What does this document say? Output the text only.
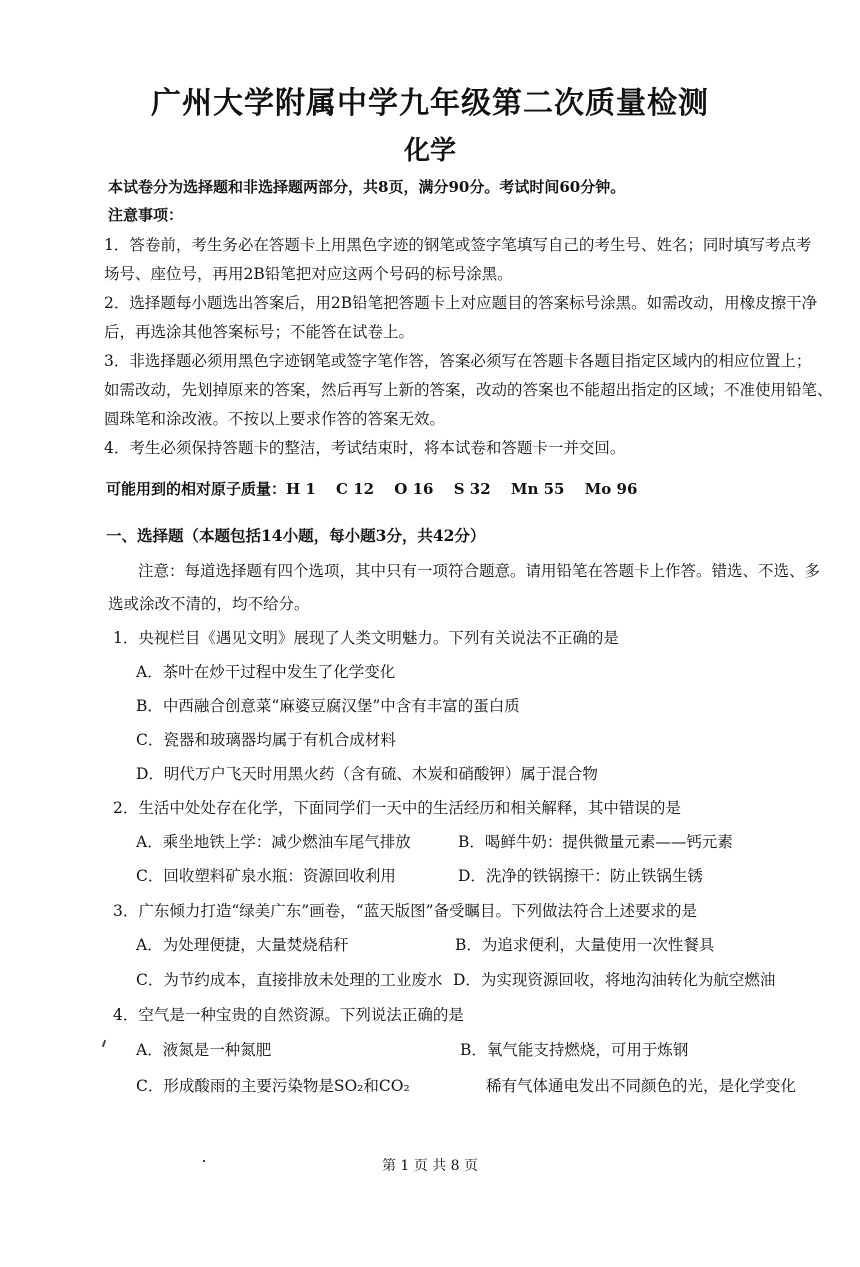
广州大学附属中学九年级第二次质量检测
化学
本试卷分为选择题和非选择题两部分，共8页，满分90分。考试时间60分钟。
注意事项：
1．答卷前，考生务必在答题卡上用黑色字迹的钢笔或签字笔填写自己的考生号、姓名；同时填写考点考
场号、座位号，再用2B铅笔把对应这两个号码的标号涂黑。
2．选择题每小题选出答案后，用2B铅笔把答题卡上对应题目的答案标号涂黑。如需改动，用橡皮擦干净
后，再选涂其他答案标号；不能答在试卷上。
3．非选择题必须用黑色字迹钢笔或签字笔作答，答案必须写在答题卡各题目指定区域内的相应位置上；
如需改动，先划掉原来的答案，然后再写上新的答案，改动的答案也不能超出指定的区域；不准使用铅笔、
圆珠笔和涂改液。不按以上要求作答的答案无效。
4．考生必须保持答题卡的整洁，考试结束时，将本试卷和答题卡一并交回。
可能用到的相对原子质量：H 1　 C 12　 O 16　 S 32　 Mn 55　 Mo 96
一、选择题（本题包括14小题，每小题3分，共42分）
注意：每道选择题有四个选项，其中只有一项符合题意。请用铅笔在答题卡上作答。错选、不选、多
选或涂改不清的，均不给分。
1．央视栏目《遇见文明》展现了人类文明魅力。下列有关说法不正确的是
A．茶叶在炒干过程中发生了化学变化
B．中西融合创意菜“麻婆豆腐汉堡”中含有丰富的蛋白质
C．瓷器和玻璃器均属于有机合成材料
D．明代万户飞天时用黑火药（含有硫、木炭和硝酸钾）属于混合物
2．生活中处处存在化学，下面同学们一天中的生活经历和相关解释，其中错误的是
A．乘坐地铁上学：减少燃油车尾气排放	B．喝鲜牛奶：提供微量元素——钙元素
C．回收塑料矿泉水瓶：资源回收利用	D．洗净的铁锅擦干：防止铁锅生锈
3．广东倾力打造“绿美广东”画卷，“蓝天版图”备受瞩目。下列做法符合上述要求的是
A．为处理便捷，大量焚烧秸秆	B．为追求便利，大量使用一次性餐具
C．为节约成本，直接排放未处理的工业废水 D．为实现资源回收，将地沟油转化为航空燃油
4．空气是一种宝贵的自然资源。下列说法正确的是
A．液氮是一种氮肥	B．氧气能支持燃烧，可用于炼钢
C．形成酸雨的主要污染物是SO₂和CO₂	稀有气体通电发出不同颜色的光，是化学变化
第 1 页 共 8 页
